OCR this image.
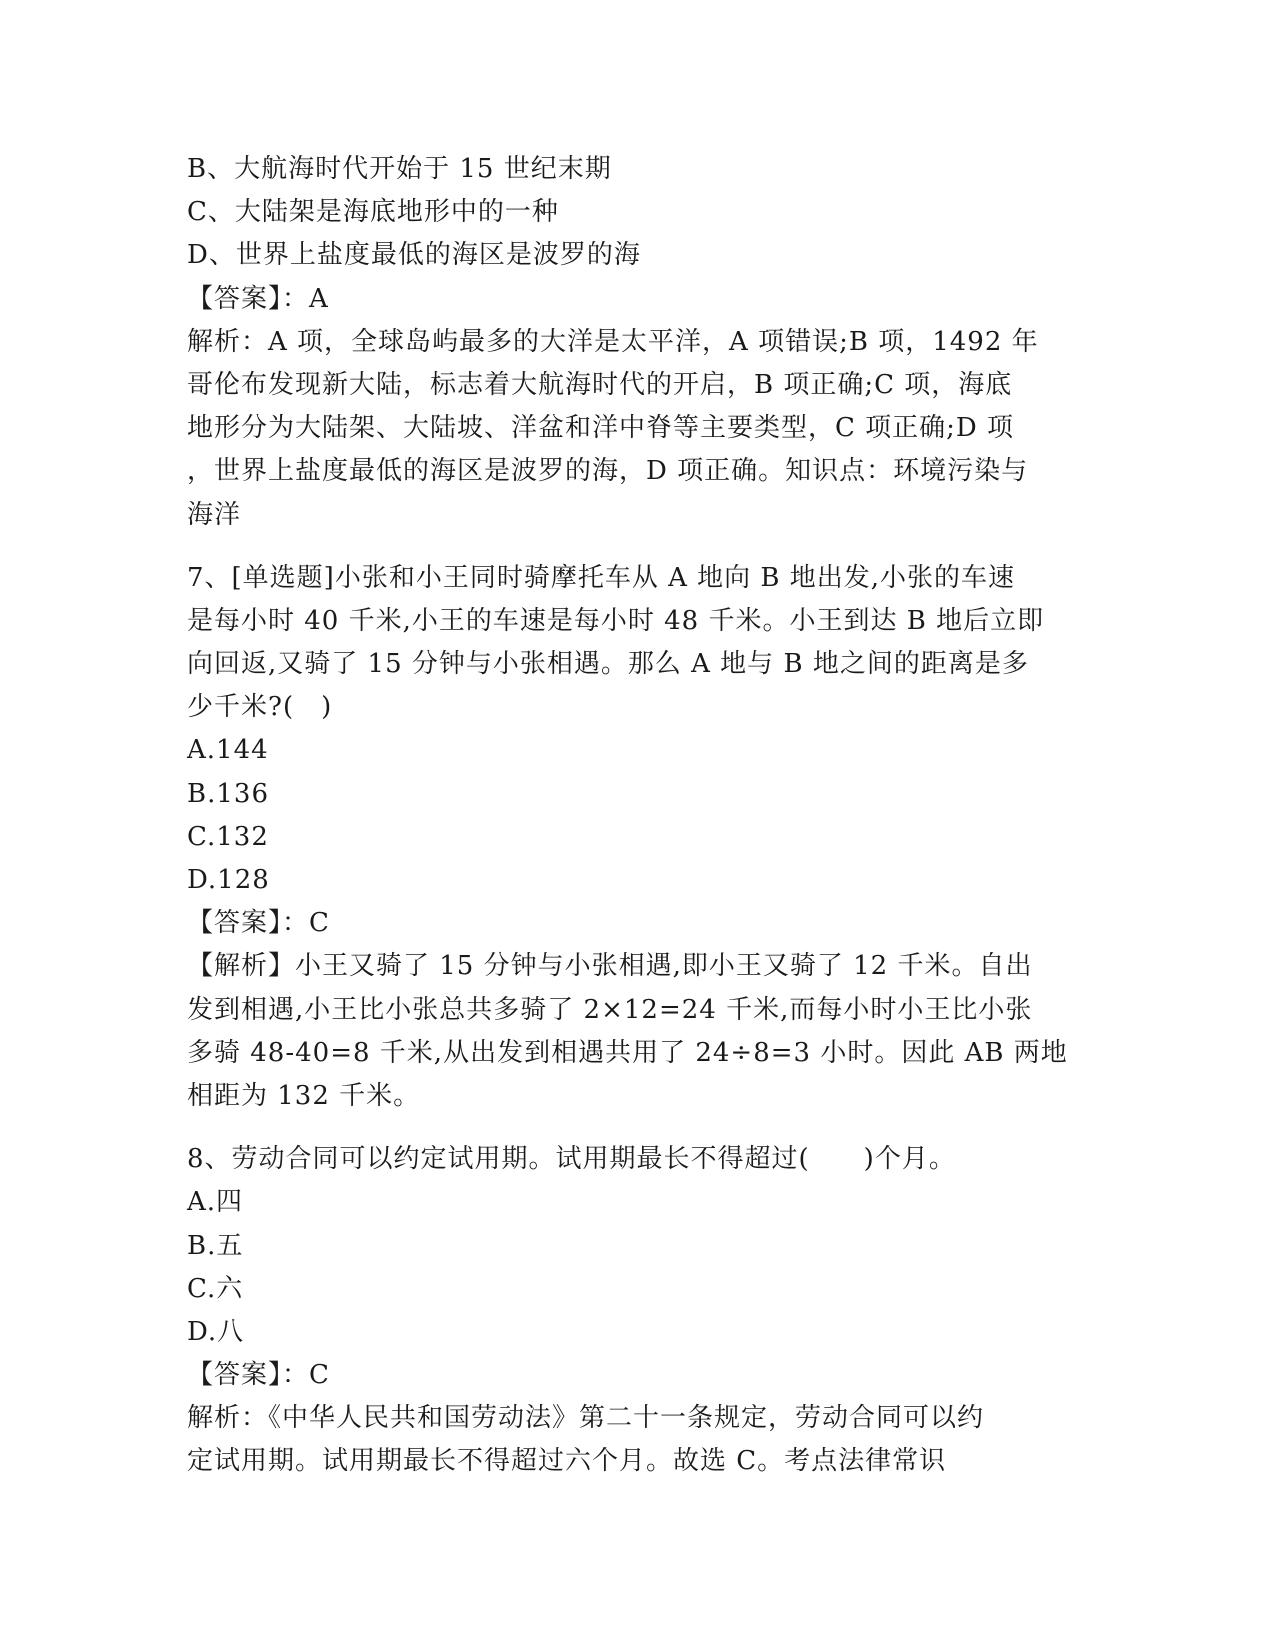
B、大航海时代开始于 15 世纪末期
C、大陆架是海底地形中的一种
D、世界上盐度最低的海区是波罗的海
【答案】：A
解析：A 项，全球岛屿最多的大洋是太平洋，A 项错误;B 项，1492 年
哥伦布发现新大陆，标志着大航海时代的开启，B 项正确;C 项，海底
地形分为大陆架、大陆坡、洋盆和洋中脊等主要类型，C 项正确;D 项
，世界上盐度最低的海区是波罗的海，D 项正确。知识点：环境污染与
海洋
7、[单选题]小张和小王同时骑摩托车从 A 地向 B 地出发,小张的车速
是每小时 40 千米,小王的车速是每小时 48 千米。小王到达 B 地后立即
向回返,又骑了 15 分钟与小张相遇。那么 A 地与 B 地之间的距离是多
少千米?(　)
A.144
B.136
C.132
D.128
【答案】：C
【解析】小王又骑了 15 分钟与小张相遇,即小王又骑了 12 千米。自出
发到相遇,小王比小张总共多骑了 2×12=24 千米,而每小时小王比小张
多骑 48-40=8 千米,从出发到相遇共用了 24÷8=3 小时。因此 AB 两地
相距为 132 千米。
8、劳动合同可以约定试用期。试用期最长不得超过(　　)个月。
A.四
B.五
C.六
D.八
【答案】：C
解析：《中华人民共和国劳动法》第二十一条规定，劳动合同可以约
定试用期。试用期最长不得超过六个月。故选 C。考点法律常识
